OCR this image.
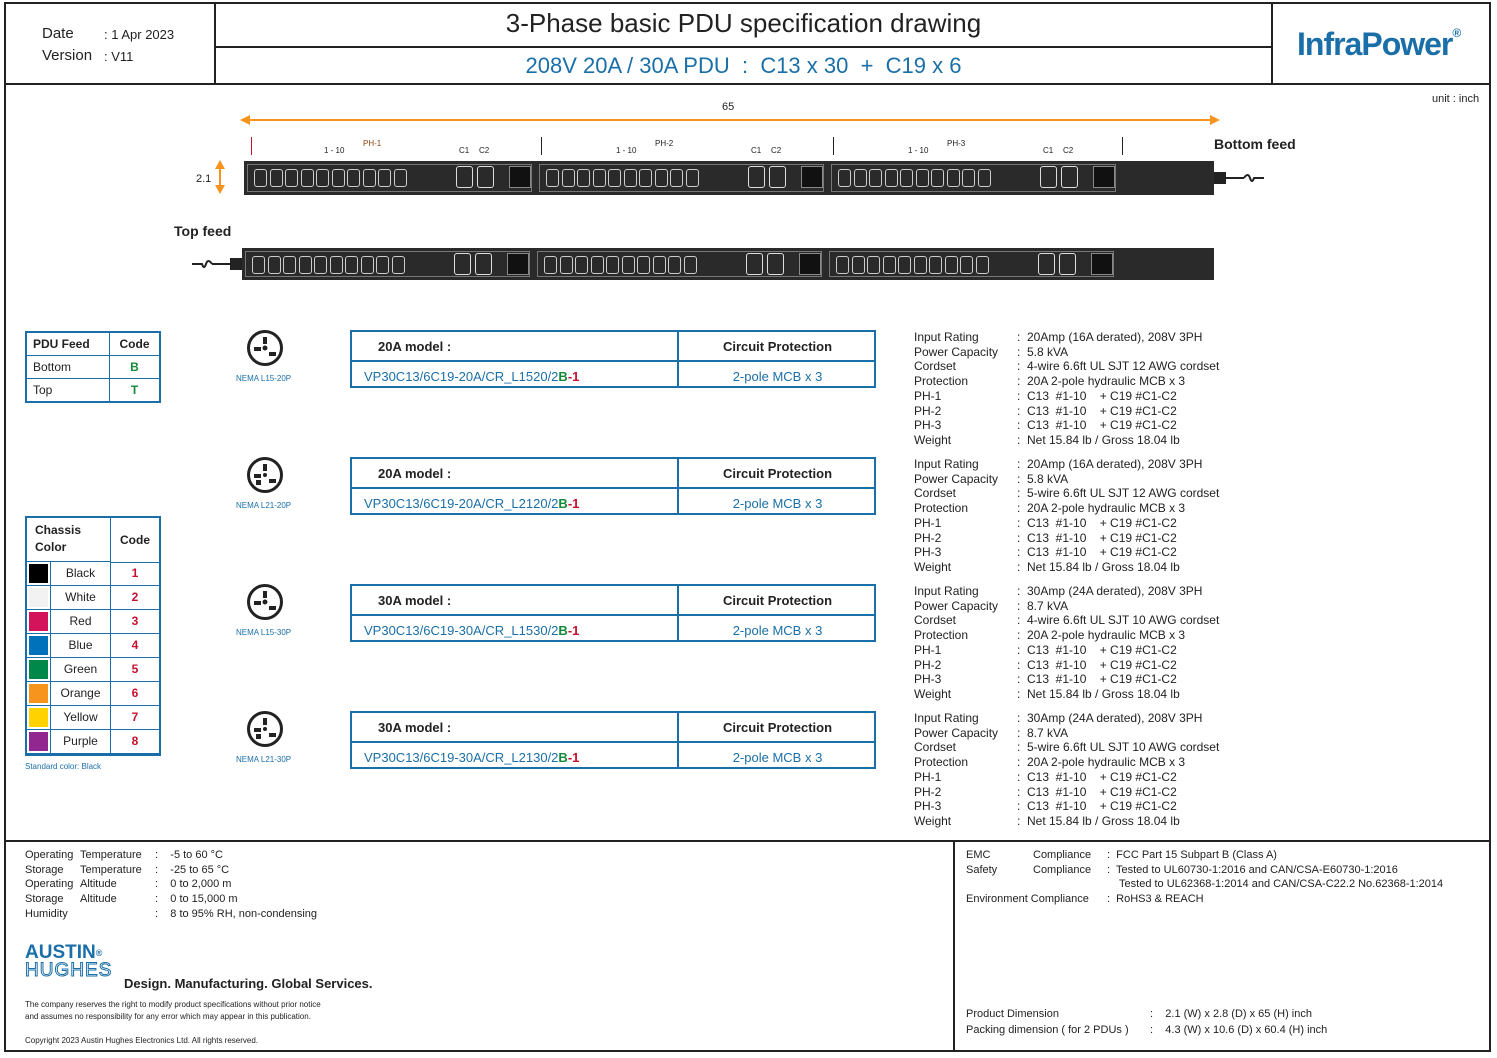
Date : 1 Apr 2023
Version : V11
3-Phase basic PDU specification drawing
208V 20A / 30A PDU  :  C13 x 30  +  C19 x 6
InfraPower®
unit : inch
65
2.1
1 - 10
PH-1
C1 C2	1 - 10
PH-2
C1 C2	1 - 10
PH-3
C1 C2	Bottom feed
Top feed
PDU Feed	Code
Bottom	B
Top	T
Chassis Color	Code
Black	1
White	2
Red	3
Blue	4
Green	5
Orange	6
Yellow	7
Purple	8
Standard color: Black
NEMA L15-20P
20A model :	Circuit Protection
VP30C13/6C19-20A/CR_L1520/2B-1	2-pole MCB x 3
Input Rating	:  20Amp (16A derated), 208V 3PH
Power Capacity :  5.8 kVA
Cordset	:  4-wire 6.6ft UL SJT 12 AWG cordset
Protection	:  20A 2-pole hydraulic MCB x 3
PH-1	:  C13  #1-10    + C19 #C1-C2
PH-2	:  C13  #1-10    + C19 #C1-C2
PH-3	:  C13  #1-10    + C19 #C1-C2
Weight	:  Net 15.84 lb / Gross 18.04 lb
NEMA L21-20P
20A model :	Circuit Protection
VP30C13/6C19-20A/CR_L2120/2B-1	2-pole MCB x 3
Input Rating	:  20Amp (16A derated), 208V 3PH
Power Capacity :  5.8 kVA
Cordset	:  5-wire 6.6ft UL SJT 12 AWG cordset
Protection	:  20A 2-pole hydraulic MCB x 3
PH-1	:  C13  #1-10    + C19 #C1-C2
PH-2	:  C13  #1-10    + C19 #C1-C2
PH-3	:  C13  #1-10    + C19 #C1-C2
Weight	:  Net 15.84 lb / Gross 18.04 lb
NEMA L15-30P
30A model :	Circuit Protection
VP30C13/6C19-30A/CR_L1530/2B-1	2-pole MCB x 3
Input Rating	:  30Amp (24A derated), 208V 3PH
Power Capacity :  8.7 kVA
Cordset	:  4-wire 6.6ft UL SJT 10 AWG cordset
Protection	:  20A 2-pole hydraulic MCB x 3
PH-1	:  C13  #1-10    + C19 #C1-C2
PH-2	:  C13  #1-10    + C19 #C1-C2
PH-3	:  C13  #1-10    + C19 #C1-C2
Weight	:  Net 15.84 lb / Gross 18.04 lb
NEMA L21-30P
30A model :	Circuit Protection
VP30C13/6C19-30A/CR_L2130/2B-1	2-pole MCB x 3
Input Rating	:  30Amp (24A derated), 208V 3PH
Power Capacity :  8.7 kVA
Cordset	:  5-wire 6.6ft UL SJT 10 AWG cordset
Protection	:  20A 2-pole hydraulic MCB x 3
PH-1	:  C13  #1-10    + C19 #C1-C2
PH-2	:  C13  #1-10    + C19 #C1-C2
PH-3	:  C13  #1-10    + C19 #C1-C2
Weight	:  Net 15.84 lb / Gross 18.04 lb
Operating Temperature :    -5 to 60 °C
Storage Temperature :    -25 to 65 °C
Operating Altitude	:    0 to 2,000 m
Storage Altitude	:    0 to 15,000 m
Humidity	:    8 to 95% RH, non-condensing
AUSTIN®
HUGHES
Design. Manufacturing. Global Services.
The company reserves the right to modify product specifications without prior notice
and assumes no responsibility for any error which may appear in this publication.
Copyright 2023 Austin Hughes Electronics Ltd. All rights reserved.
EMC	Compliance :  FCC Part 15 Subpart B (Class A)
Safety	Compliance :  Tested to UL60730-1:2016 and CAN/CSA-E60730-1:2016
Tested to UL62368-1:2014 and CAN/CSA-C22.2 No.62368-1:2014
Environment Compliance :  RoHS3 & REACH
Product Dimension	:    2.1 (W) x 2.8 (D) x 65 (H) inch
Packing dimension ( for 2 PDUs ) :    4.3 (W) x 10.6 (D) x 60.4 (H) inch
